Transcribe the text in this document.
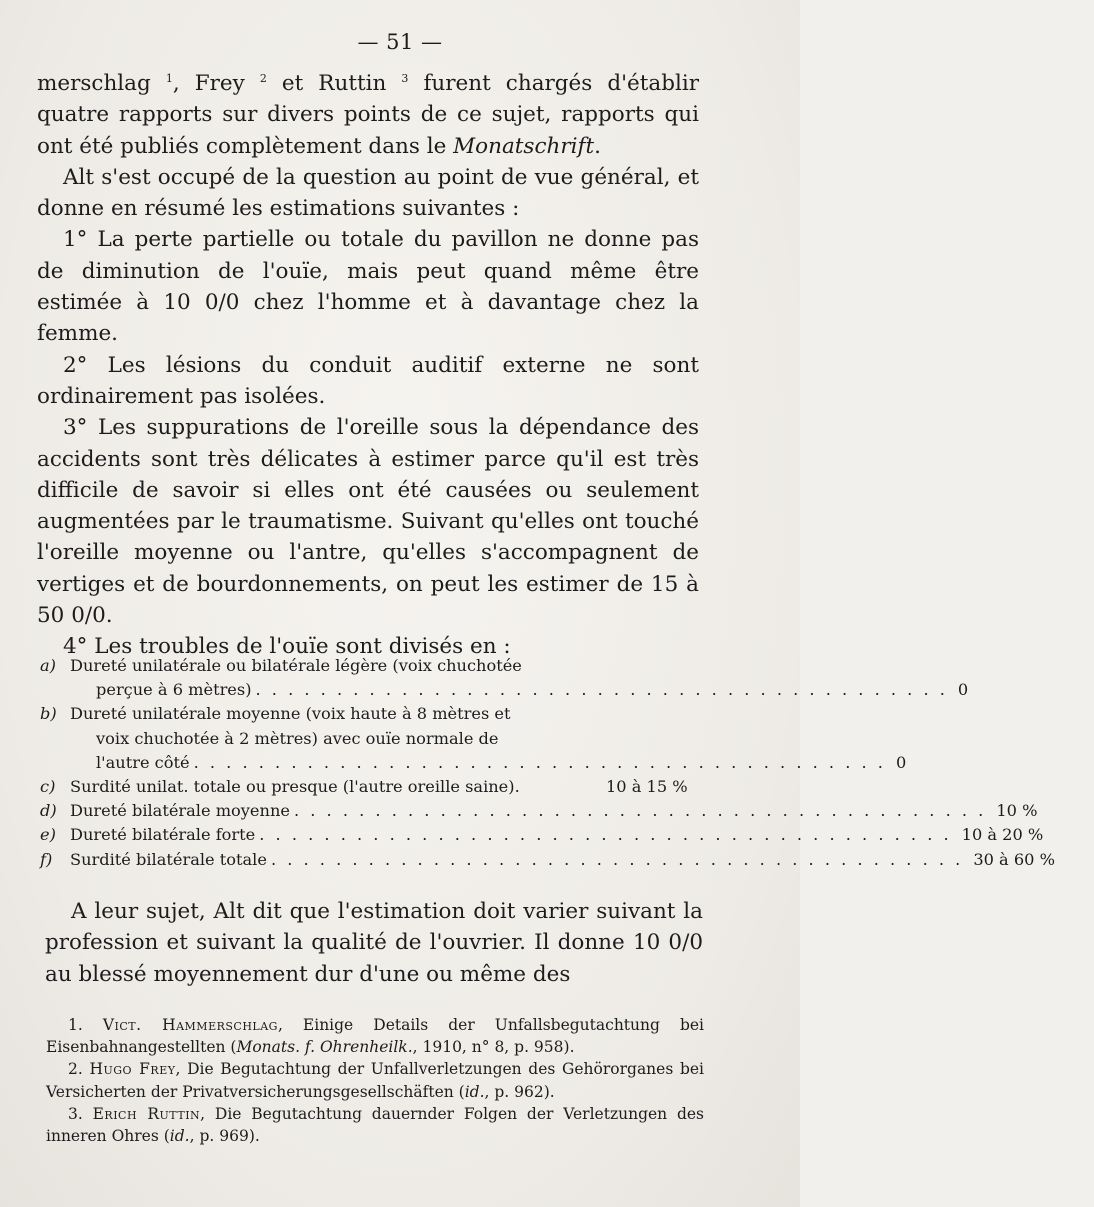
— 51 —

merschlag $^1$, Frey $^2$ et Ruttin $^3$ furent chargés d'établir quatre rapports sur divers points de ce sujet, rapports qui ont été publiés complètement dans le Monatschrift.

Alt s'est occupé de la question au point de vue général, et donne en résumé les estimations suivantes :

1° La perte partielle ou totale du pavillon ne donne pas de diminution de l'ouïe, mais peut quand même être estimée à 10 0/0 chez l'homme et à davantage chez la femme.

2° Les lésions du conduit auditif externe ne sont ordinairement pas isolées.

3° Les suppurations de l'oreille sous la dépendance des accidents sont très délicates à estimer parce qu'il est très difficile de savoir si elles ont été causées ou seulement augmentées par le traumatisme. Suivant qu'elles ont touché l'oreille moyenne ou l'antre, qu'elles s'accompagnent de vertiges et de bourdonnements, on peut les estimer de 15 à 50 0/0.

4° Les troubles de l'ouïe sont divisés en :

a) Dureté unilatérale ou bilatérale légère (voix chuchotée
perçue à 6 mètres) . . . . . . . . . . . . . . . . . . . . . . . . . . . . . . . . . . . . . . . . . . . 0
b) Dureté unilatérale moyenne (voix haute à 8 mètres et
voix chuchotée à 2 mètres) avec ouïe normale de
l'autre côté . . . . . . . . . . . . . . . . . . . . . . . . . . . . . . . . . . . . . . . . . . . 0
c) Surdité unilat. totale ou presque (l'autre oreille saine).	10 à 15 %
d) Dureté bilatérale moyenne . . . . . . . . . . . . . . . . . . . . . . . . . . . . . . . . . . . . . . . . . . . 10 %
e) Dureté bilatérale forte . . . . . . . . . . . . . . . . . . . . . . . . . . . . . . . . . . . . . . . . . . . 10 à 20 %
f)	Surdité bilatérale totale . . . . . . . . . . . . . . . . . . . . . . . . . . . . . . . . . . . . . . . . . . . 30 à 60 %

A leur sujet, Alt dit que l'estimation doit varier suivant la profession et suivant la qualité de l'ouvrier. Il donne 10 0/0 au blessé moyennement dur d'une ou même des

1. Vict. Hammerschlag, Einige Details der Unfallsbegutachtung bei Eisenbahnangestellten (Monats. f. Ohrenheilk., 1910, n° 8, p. 958).

2. Hugo Frey, Die Begutachtung der Unfallverletzungen des Gehörorganes bei Versicherten der Privatversicherungsgesellschäften (id., p. 962).

3. Erich Ruttin, Die Begutachtung dauernder Folgen der Verletzungen des inneren Ohres (id., p. 969).
